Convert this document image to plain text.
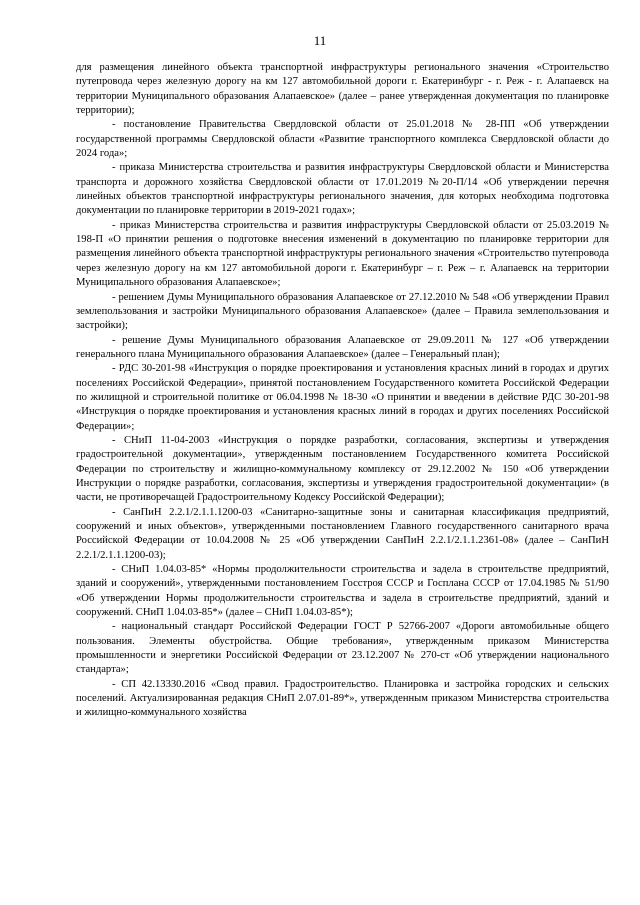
11

для размещения линейного объекта транспортной инфраструктуры регионального значения «Строительство путепровода через железную дорогу на км 127 автомобильной дороги г. Екатеринбург - г. Реж - г. Алапаевск на территории Муниципального образования Алапаевское» (далее – ранее утвержденная документация по планировке территории);

- постановление Правительства Свердловской области от 25.01.2018 № 28-ПП «Об утверждении государственной программы Свердловской области «Развитие транспортного комплекса Свердловской области до 2024 года»;

- приказа Министерства строительства и развития инфраструктуры Свердловской области и Министерства транспорта и дорожного хозяйства Свердловской области от 17.01.2019 №20-П/14 «Об утверждении перечня линейных объектов транспортной инфраструктуры регионального значения, для которых необходима подготовка документации по планировке территории в 2019-2021 годах»;

- приказ Министерства строительства и развития инфраструктуры Свердловской области от 25.03.2019 № 198-П «О принятии решения о подготовке внесения изменений в документацию по планировке территории для размещения линейного объекта транспортной инфраструктуры регионального значения «Строительство путепровода через железную дорогу на км 127 автомобильной дороги г. Екатеринбург – г. Реж – г. Алапаевск на территории Муниципального образования Алапаевское»;

- решением Думы Муниципального образования Алапаевское от 27.12.2010 № 548 «Об утверждении Правил землепользования и застройки Муниципального образования Алапаевское» (далее – Правила землепользования и застройки);

- решение Думы Муниципального образования Алапаевское от 29.09.2011 № 127 «Об утверждении генерального плана Муниципального образования Алапаевское» (далее – Генеральный план);

- РДС 30-201-98 «Инструкция о порядке проектирования и установления красных линий в городах и других поселениях Российской Федерации», принятой постановлением Государственного комитета Российской Федерации по жилищной и строительной политике от 06.04.1998 № 18-30 «О принятии и введении в действие РДС 30-201-98 «Инструкция о порядке проектирования и установления красных линий в городах и других поселениях Российской Федерации»;

- СНиП 11-04-2003 «Инструкция о порядке разработки, согласования, экспертизы и утверждения градостроительной документации», утвержденным постановлением Государственного комитета Российской Федерации по строительству и жилищно-коммунальному комплексу от 29.12.2002 № 150 «Об утверждении Инструкции о порядке разработки, согласования, экспертизы и утверждения градостроительной документации» (в части, не противоречащей Градостроительному Кодексу Российской Федерации);

- СанПиН 2.2.1/2.1.1.1200-03 «Санитарно-защитные зоны и санитарная классификация предприятий, сооружений и иных объектов», утвержденными постановлением Главного государственного санитарного врача Российской Федерации от 10.04.2008 № 25 «Об утверждении СанПиН 2.2.1/2.1.1.2361-08» (далее – СанПиН 2.2.1/2.1.1.1200-03);

- СНиП 1.04.03-85* «Нормы продолжительности строительства и задела в строительстве предприятий, зданий и сооружений», утвержденными постановлением Госстроя СССР и Госплана СССР от 17.04.1985 № 51/90 «Об утверждении Нормы продолжительности строительства и задела в строительстве предприятий, зданий и сооружений. СНиП 1.04.03-85*» (далее – СНиП 1.04.03-85*);

- национальный стандарт Российской Федерации ГОСТ Р 52766-2007 «Дороги автомобильные общего пользования. Элементы обустройства. Общие требования», утвержденным приказом Министерства промышленности и энергетики Российской Федерации от 23.12.2007 № 270-ст «Об утверждении национального стандарта»;

- СП 42.13330.2016 «Свод правил. Градостроительство. Планировка и застройка городских и сельских поселений. Актуализированная редакция СНиП 2.07.01-89*», утвержденным приказом Министерства строительства и жилищно-коммунального хозяйства
